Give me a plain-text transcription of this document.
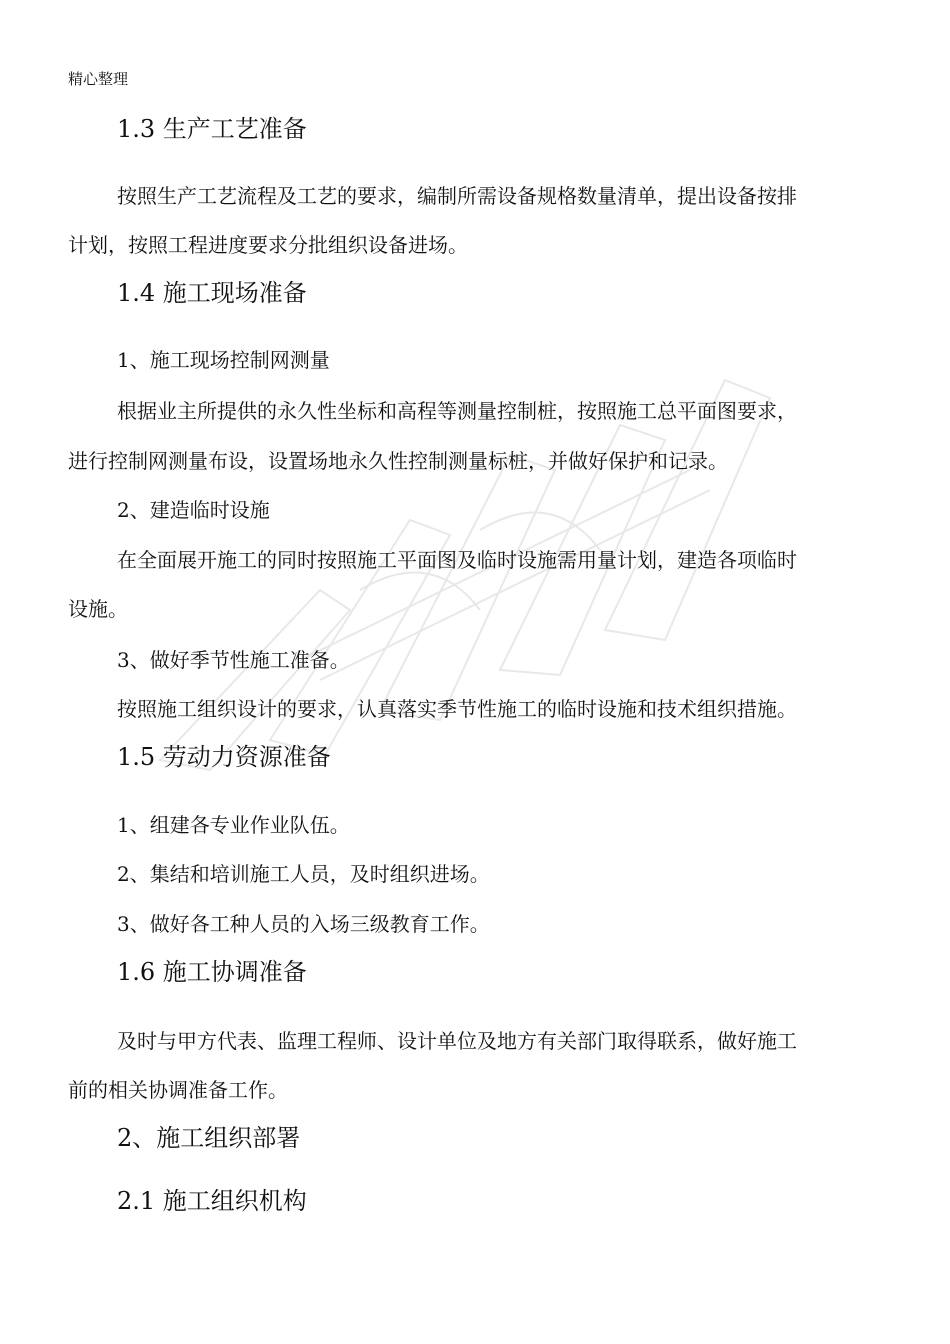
精心整理
1.3 生产工艺准备
按照生产工艺流程及工艺的要求，编制所需设备规格数量清单，提出设备按排
计划，按照工程进度要求分批组织设备进场。
1.4 施工现场准备
1、施工现场控制网测量
根据业主所提供的永久性坐标和高程等测量控制桩，按照施工总平面图要求，
进行控制网测量布设，设置场地永久性控制测量标桩，并做好保护和记录。
2、建造临时设施
在全面展开施工的同时按照施工平面图及临时设施需用量计划，建造各项临时
设施。
3、做好季节性施工准备。
按照施工组织设计的要求，认真落实季节性施工的临时设施和技术组织措施。
1.5 劳动力资源准备
1、组建各专业作业队伍。
2、集结和培训施工人员，及时组织进场。
3、做好各工种人员的入场三级教育工作。
1.6 施工协调准备
及时与甲方代表、监理工程师、设计单位及地方有关部门取得联系，做好施工
前的相关协调准备工作。
2、施工组织部署
2.1 施工组织机构
